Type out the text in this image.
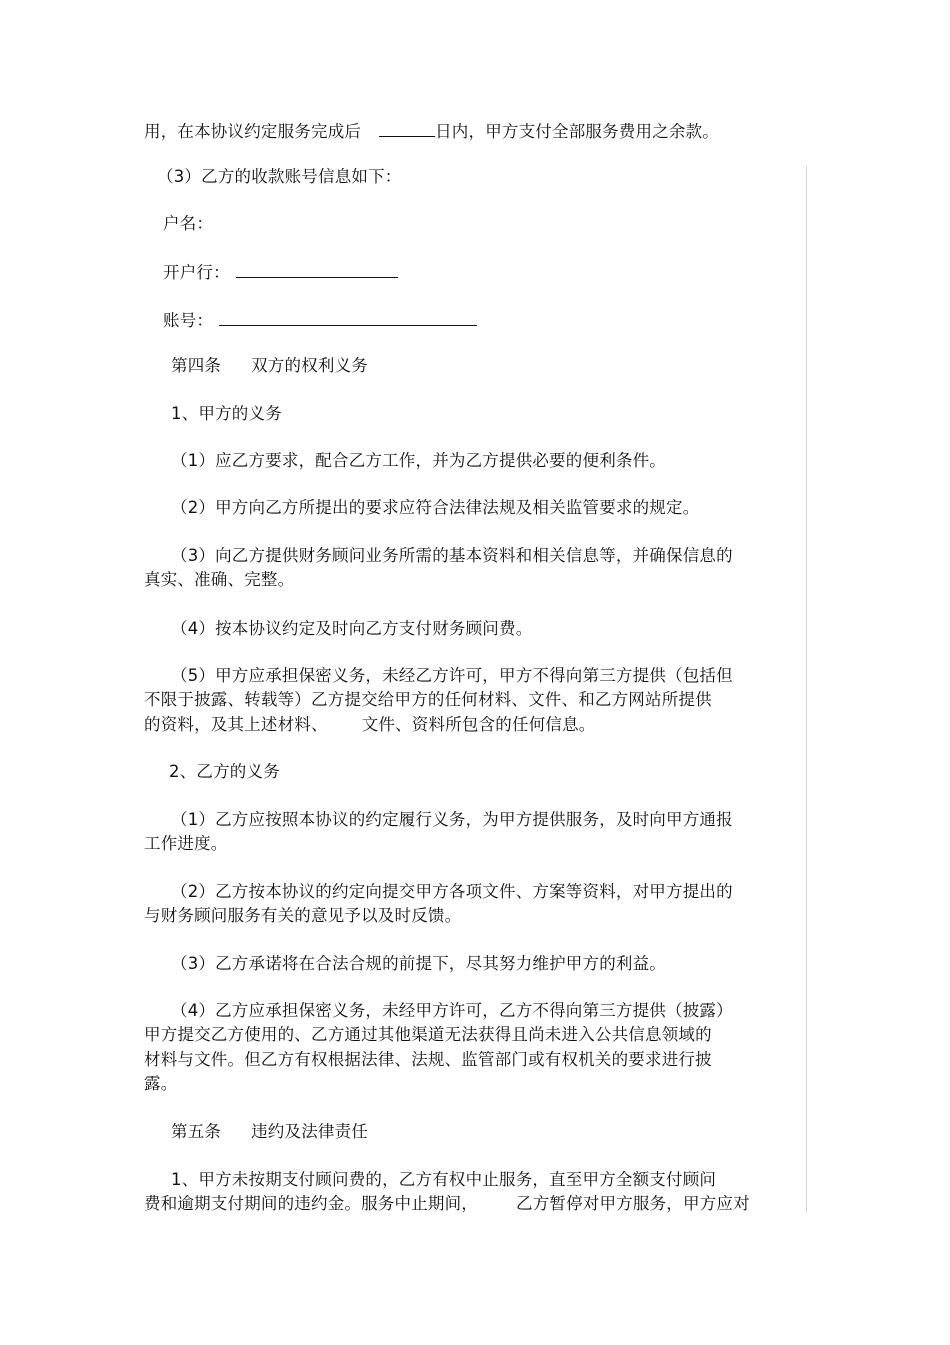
用，在本协议约定服务完成后	日内，甲方支付全部服务费用之余款。
（3）乙方的收款账号信息如下：
户名：
开户行：
账号：
第四条 双方的权利义务
1、甲方的义务
（1）应乙方要求，配合乙方工作，并为乙方提供必要的便利条件。
（2）甲方向乙方所提出的要求应符合法律法规及相关监管要求的规定。
（3）向乙方提供财务顾问业务所需的基本资料和相关信息等，并确保信息的
真实、准确、完整。
（4）按本协议约定及时向乙方支付财务顾问费。
（5）甲方应承担保密义务，未经乙方许可，甲方不得向第三方提供（包括但
不限于披露、转载等）乙方提交给甲方的任何材料、文件、和乙方网站所提供
的资料，及其上述材料、 文件、资料所包含的任何信息。
2、乙方的义务
（1）乙方应按照本协议的约定履行义务，为甲方提供服务，及时向甲方通报
工作进度。
（2）乙方按本协议的约定向提交甲方各项文件、方案等资料，对甲方提出的
与财务顾问服务有关的意见予以及时反馈。
（3）乙方承诺将在合法合规的前提下，尽其努力维护甲方的利益。
（4）乙方应承担保密义务，未经甲方许可，乙方不得向第三方提供（披露）
甲方提交乙方使用的、乙方通过其他渠道无法获得且尚未进入公共信息领域的
材料与文件。但乙方有权根据法律、法规、监管部门或有权机关的要求进行披
露。
第五条 违约及法律责任
1、甲方未按期支付顾问费的，乙方有权中止服务，直至甲方全额支付顾问
费和逾期支付期间的违约金。服务中止期间， 乙方暂停对甲方服务，甲方应对
